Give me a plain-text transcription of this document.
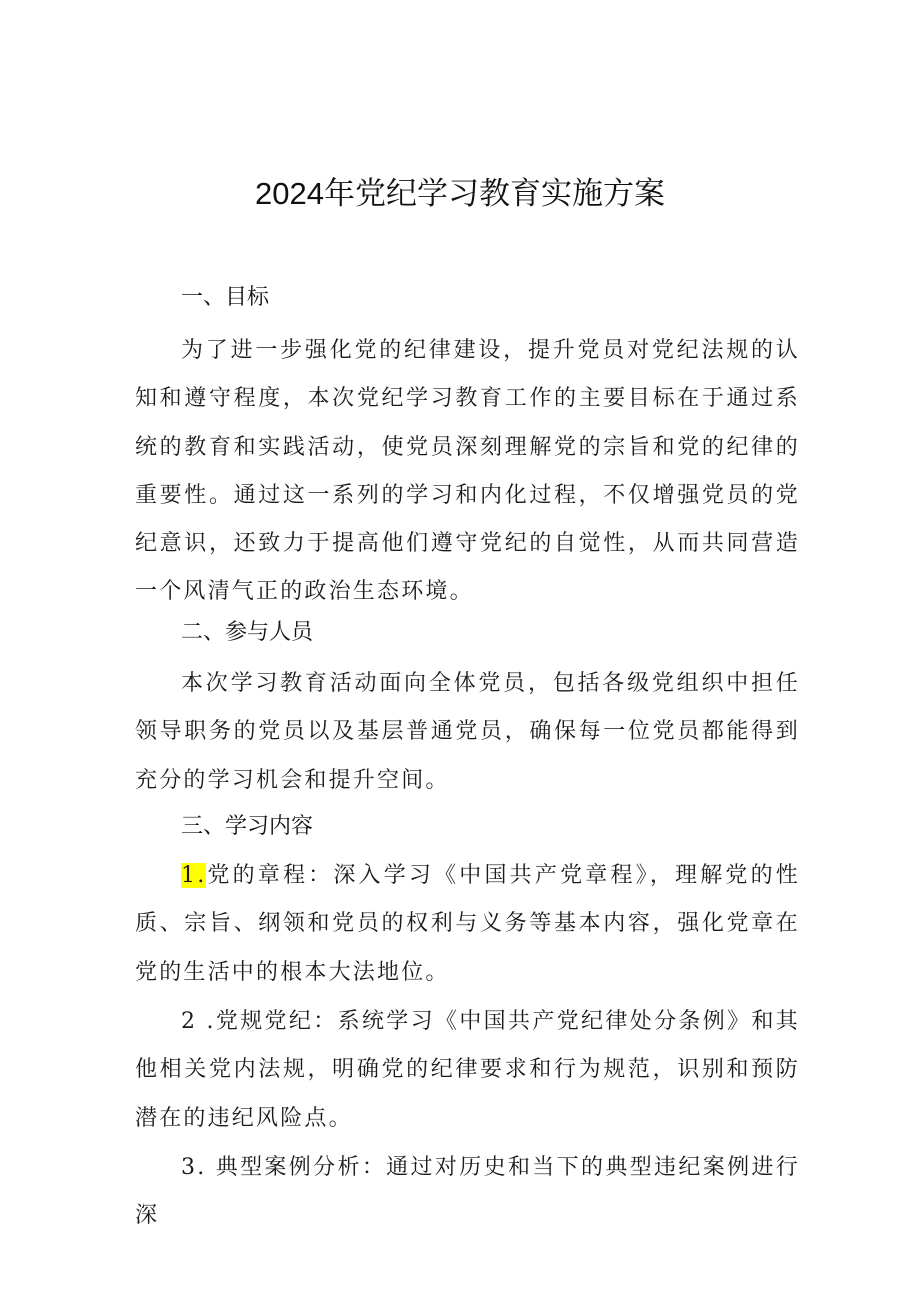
2024年党纪学习教育实施方案
一、目标
为了进一步强化党的纪律建设，提升党员对党纪法规的认知和遵守程度，本次党纪学习教育工作的主要目标在于通过系统的教育和实践活动，使党员深刻理解党的宗旨和党的纪律的重要性。通过这一系列的学习和内化过程，不仅增强党员的党纪意识，还致力于提高他们遵守党纪的自觉性，从而共同营造一个风清气正的政治生态环境。
二、参与人员
本次学习教育活动面向全体党员，包括各级党组织中担任领导职务的党员以及基层普通党员，确保每一位党员都能得到充分的学习机会和提升空间。
三、学习内容
1.党的章程：深入学习《中国共产党章程》，理解党的性质、宗旨、纲领和党员的权利与义务等基本内容，强化党章在党的生活中的根本大法地位。
2 .党规党纪：系统学习《中国共产党纪律处分条例》和其他相关党内法规，明确党的纪律要求和行为规范，识别和预防潜在的违纪风险点。
3. 典型案例分析：通过对历史和当下的典型违纪案例进行深
